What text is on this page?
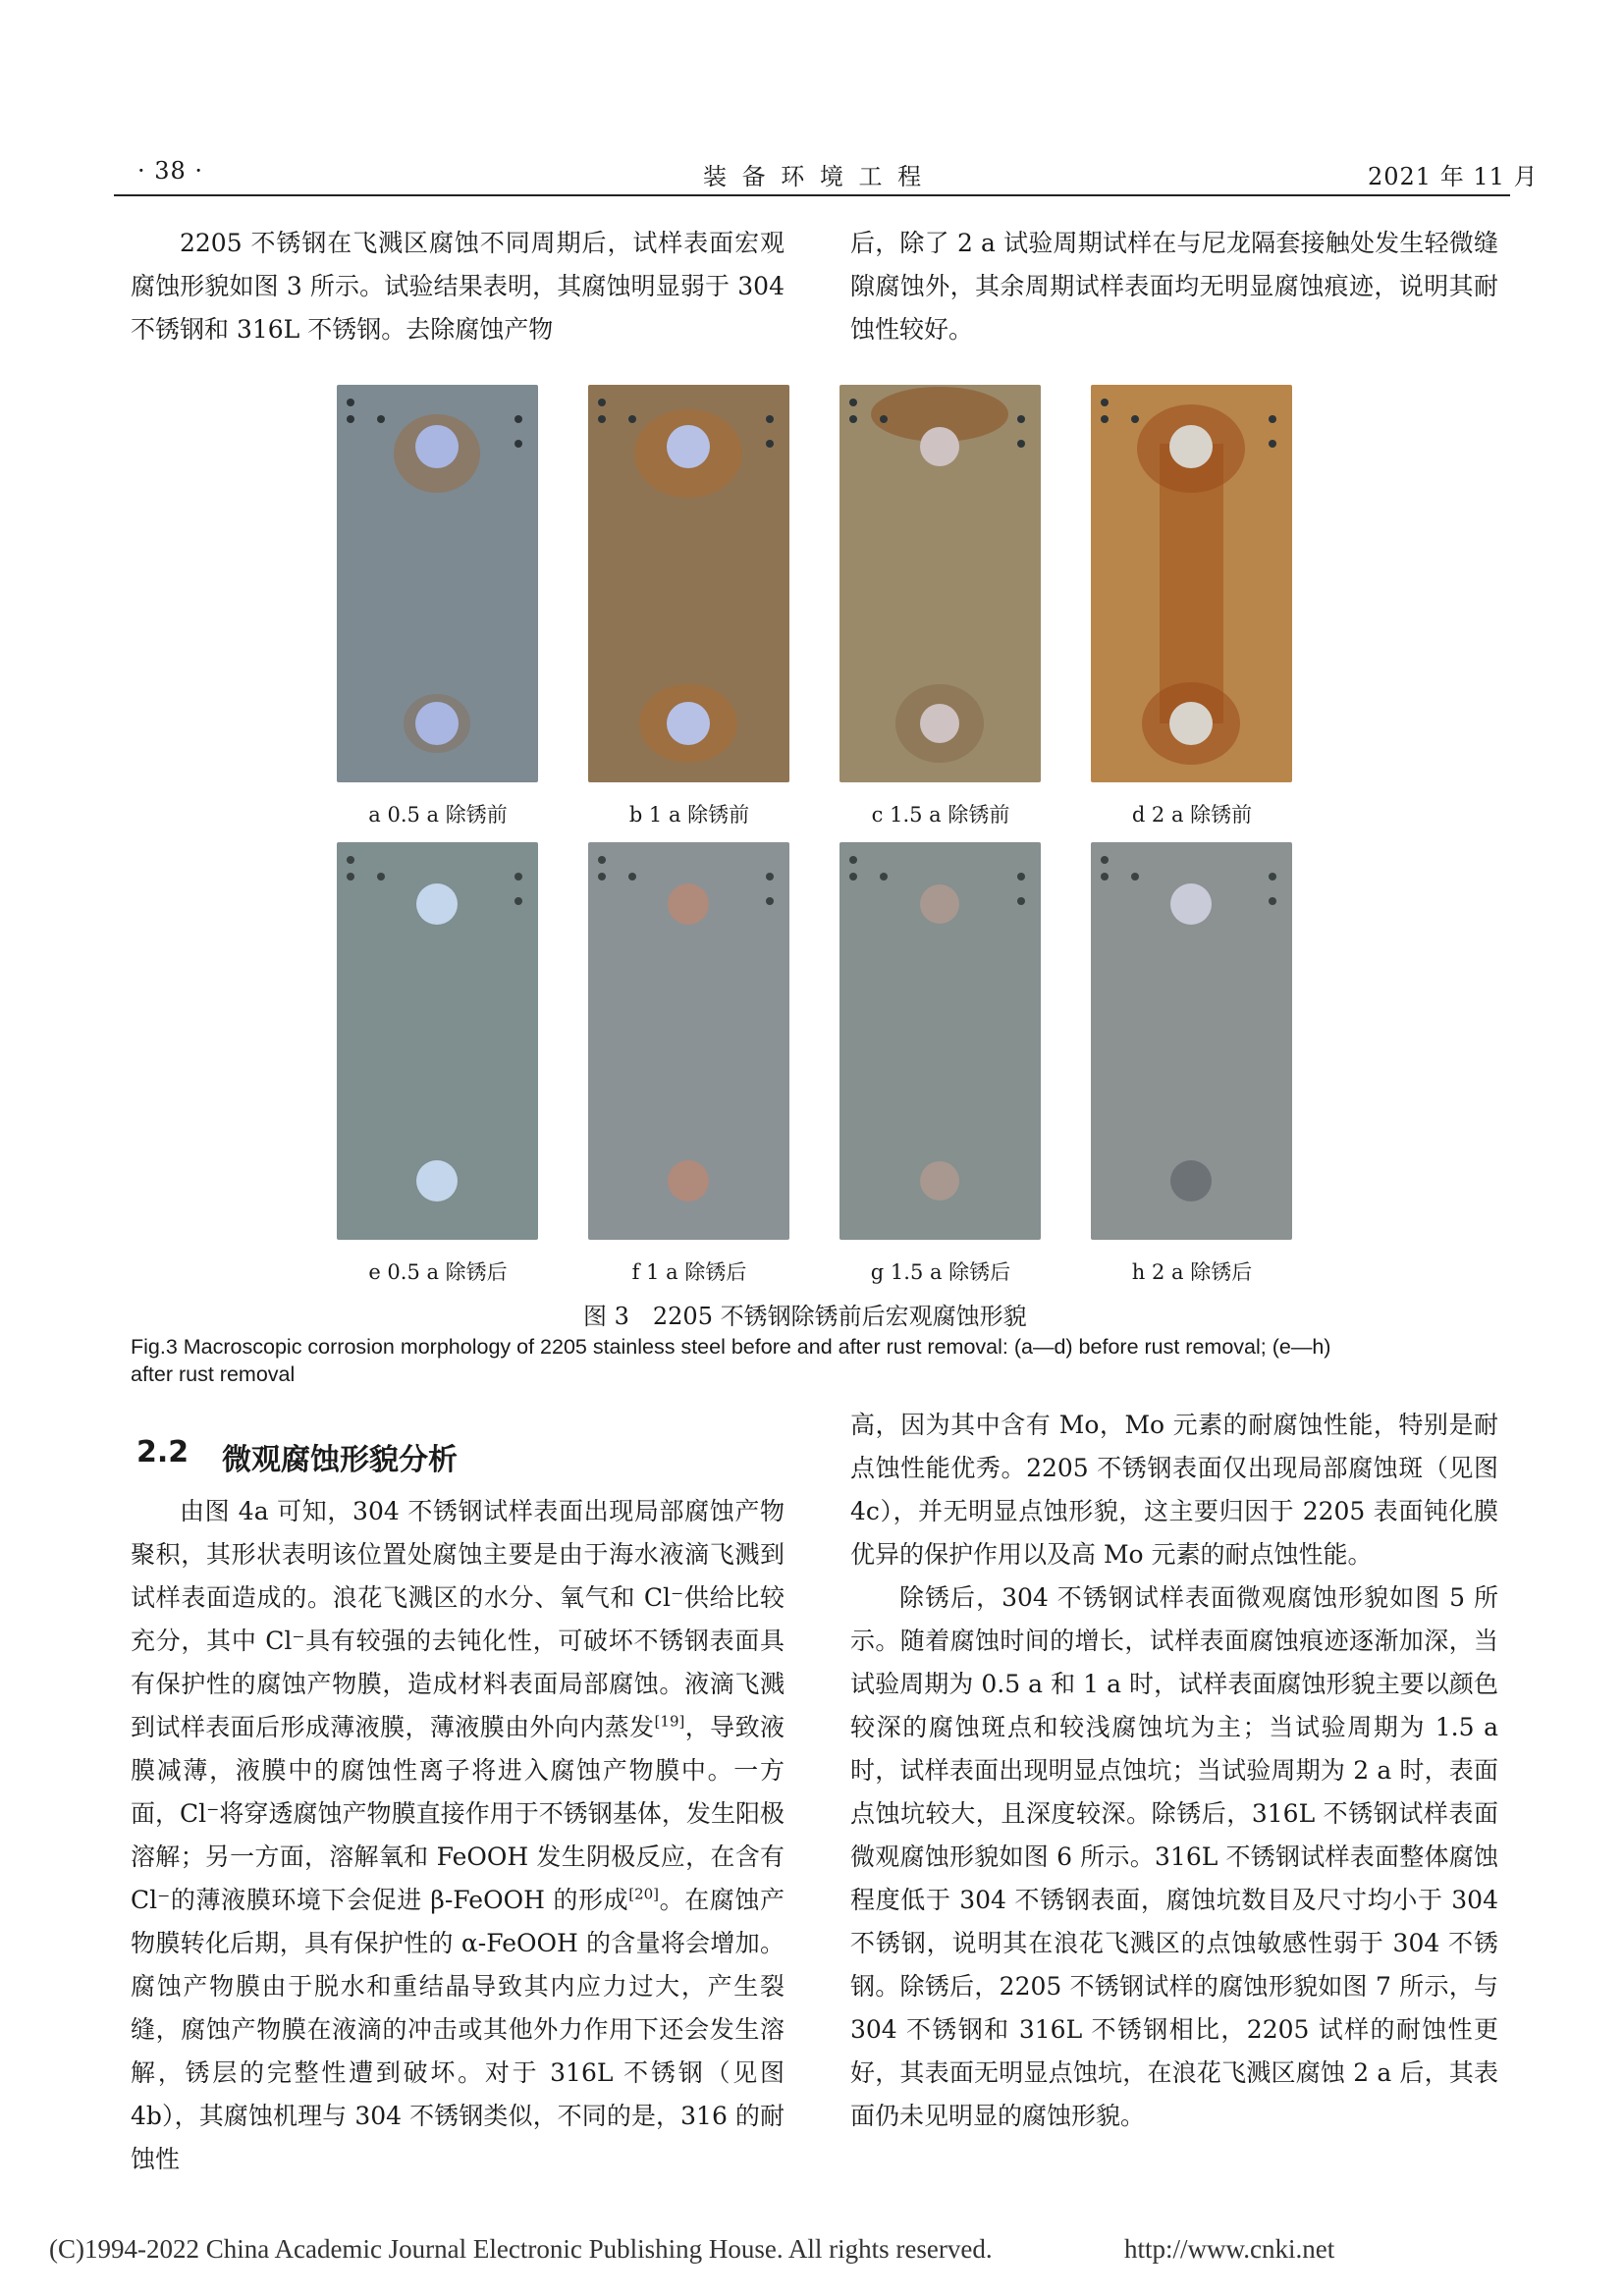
· 38 ·	装 备 环 境 工 程	2021 年 11 月

2205 不锈钢在飞溅区腐蚀不同周期后，试样表面宏观腐蚀形貌如图 3 所示。试验结果表明，其腐蚀明显弱于 304 不锈钢和 316L 不锈钢。去除腐蚀产物

后，除了 2 a 试验周期试样在与尼龙隔套接触处发生轻微缝隙腐蚀外，其余周期试样表面均无明显腐蚀痕迹，说明其耐蚀性较好。

a 0.5 a 除锈前	b 1 a 除锈前	c 1.5 a 除锈前	d 2 a 除锈前
e 0.5 a 除锈后	f 1 a 除锈后	g 1.5 a 除锈后	h 2 a 除锈后
图 3　2205 不锈钢除锈前后宏观腐蚀形貌
Fig.3 Macroscopic corrosion morphology of 2205 stainless steel before and after rust removal: (a—d) before rust removal; (e—h)
after rust removal
2.2 微观腐蚀形貌分析

由图 4a 可知，304 不锈钢试样表面出现局部腐蚀产物聚积，其形状表明该位置处腐蚀主要是由于海水液滴飞溅到试样表面造成的。浪花飞溅区的水分、氧气和 Cl⁻供给比较充分，其中 Cl⁻具有较强的去钝化性，可破坏不锈钢表面具有保护性的腐蚀产物膜，造成材料表面局部腐蚀。液滴飞溅到试样表面后形成薄液膜，薄液膜由外向内蒸发[19]，导致液膜减薄，液膜中的腐蚀性离子将进入腐蚀产物膜中。一方面，Cl⁻将穿透腐蚀产物膜直接作用于不锈钢基体，发生阳极溶解；另一方面，溶解氧和 FeOOH 发生阴极反应，在含有 Cl⁻的薄液膜环境下会促进 β-FeOOH 的形成[20]。在腐蚀产物膜转化后期，具有保护性的 α-FeOOH 的含量将会增加。腐蚀产物膜由于脱水和重结晶导致其内应力过大，产生裂缝，腐蚀产物膜在液滴的冲击或其他外力作用下还会发生溶解，锈层的完整性遭到破坏。对于 316L 不锈钢（见图 4b），其腐蚀机理与 304 不锈钢类似，不同的是，316 的耐蚀性

高，因为其中含有 Mo，Mo 元素的耐腐蚀性能，特别是耐点蚀性能优秀。2205 不锈钢表面仅出现局部腐蚀斑（见图 4c），并无明显点蚀形貌，这主要归因于 2205 表面钝化膜优异的保护作用以及高 Mo 元素的耐点蚀性能。

除锈后，304 不锈钢试样表面微观腐蚀形貌如图 5 所示。随着腐蚀时间的增长，试样表面腐蚀痕迹逐渐加深，当试验周期为 0.5 a 和 1 a 时，试样表面腐蚀形貌主要以颜色较深的腐蚀斑点和较浅腐蚀坑为主；当试验周期为 1.5 a 时，试样表面出现明显点蚀坑；当试验周期为 2 a 时，表面点蚀坑较大，且深度较深。除锈后，316L 不锈钢试样表面微观腐蚀形貌如图 6 所示。316L 不锈钢试样表面整体腐蚀程度低于 304 不锈钢表面，腐蚀坑数目及尺寸均小于 304 不锈钢，说明其在浪花飞溅区的点蚀敏感性弱于 304 不锈钢。除锈后，2205 不锈钢试样的腐蚀形貌如图 7 所示，与 304 不锈钢和 316L 不锈钢相比，2205 试样的耐蚀性更好，其表面无明显点蚀坑，在浪花飞溅区腐蚀 2 a 后，其表面仍未见明显的腐蚀形貌。

(C)1994-2022 China Academic Journal Electronic Publishing House. All rights reserved.	http://www.cnki.net
